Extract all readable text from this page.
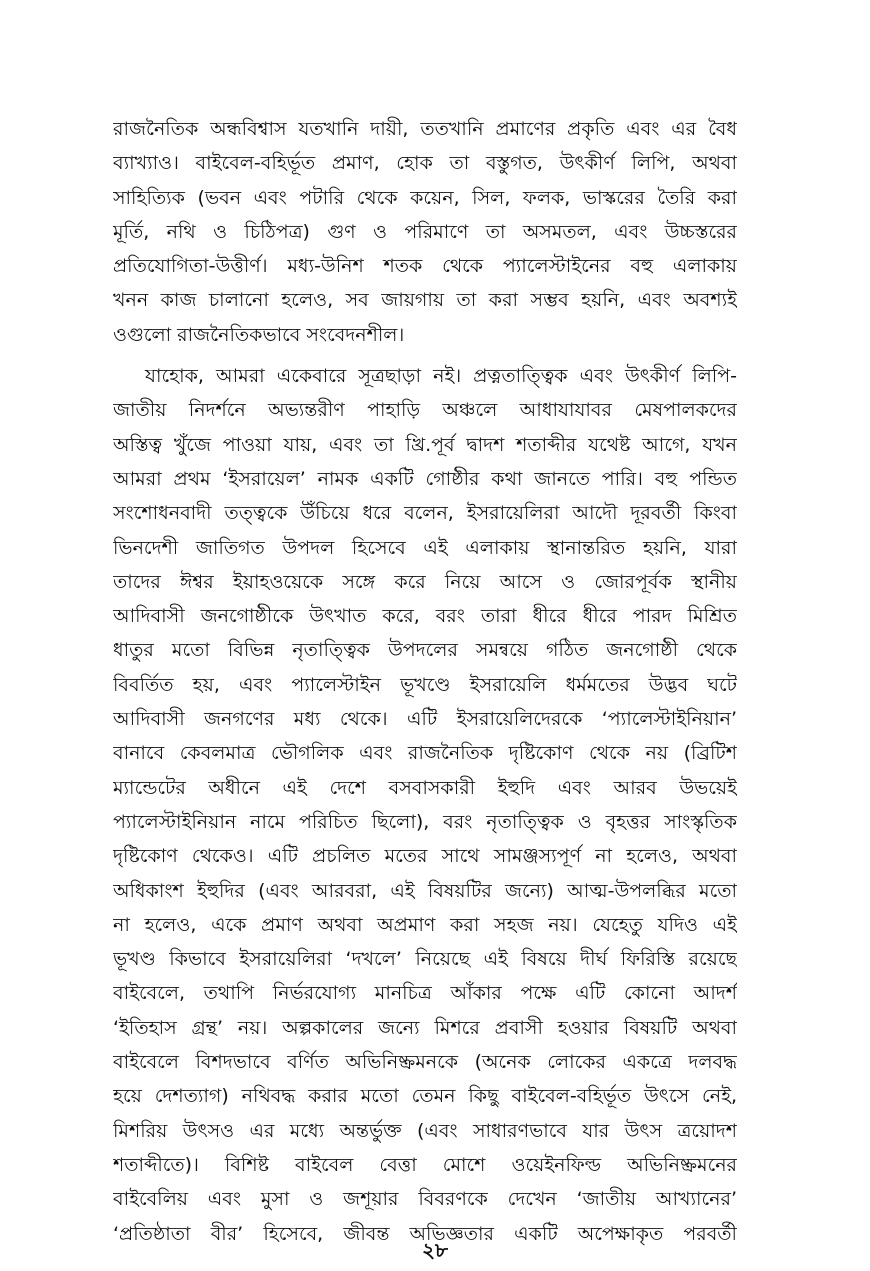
রাজনৈতিক অন্ধবিশ্বাস যতখানি দায়ী, ততখানি প্রমাণের প্রকৃতি এবং এর বৈধ
ব্যাখ্যাও। বাইবেল-বহির্ভূত প্রমাণ, হোক তা বস্তুগত, উৎকীর্ণ লিপি, অথবা
সাহিত্যিক (ভবন এবং পটারি থেকে কয়েন, সিল, ফলক, ভাস্করের তৈরি করা
মূর্তি, নথি ও চিঠিপত্র) গুণ ও পরিমাণে তা অসমতল, এবং উচ্চস্তরের
প্রতিযোগিতা-উত্তীর্ণ। মধ্য-উনিশ শতক থেকে প্যালেস্টাইনের বহু এলাকায়
খনন কাজ চালানো হলেও, সব জায়গায় তা করা সম্ভব হয়নি, এবং অবশ্যই
ওগুলো রাজনৈতিকভাবে সংবেদনশীল।
যাহোক, আমরা একেবারে সূত্রছাড়া নই। প্রত্নতাত্ত্বিক এবং উৎকীর্ণ লিপি-
জাতীয় নিদর্শনে অভ্যন্তরীণ পাহাড়ি অঞ্চলে আধাযাযাবর মেষপালকদের
অস্তিত্ব খুঁজে পাওয়া যায়, এবং তা খ্রি.পূর্ব দ্বাদশ শতাব্দীর যথেষ্ট আগে, যখন
আমরা প্রথম ‘ইসরায়েল’ নামক একটি গোষ্ঠীর কথা জানতে পারি। বহু পন্ডিত
সংশোধনবাদী তত্ত্বকে উঁচিয়ে ধরে বলেন, ইসরায়েলিরা আদৌ দূরবর্তী কিংবা
ভিনদেশী জাতিগত উপদল হিসেবে এই এলাকায় স্থানান্তরিত হয়নি, যারা
তাদের ঈশ্বর ইয়াহওয়েকে সঙ্গে করে নিয়ে আসে ও জোরপূর্বক স্থানীয়
আদিবাসী জনগোষ্ঠীকে উৎখাত করে, বরং তারা ধীরে ধীরে পারদ মিশ্রিত
ধাতুর মতো বিভিন্ন নৃতাত্ত্বিক উপদলের সমন্বয়ে গঠিত জনগোষ্ঠী থেকে
বিবর্তিত হয়, এবং প্যালেস্টাইন ভূখণ্ডে ইসরায়েলি ধর্মমতের উদ্ভব ঘটে
আদিবাসী জনগণের মধ্য থেকে। এটি ইসরায়েলিদেরকে ‘প্যালেস্টাইনিয়ান’
বানাবে কেবলমাত্র ভৌগলিক এবং রাজনৈতিক দৃষ্টিকোণ থেকে নয় (ব্রিটিশ
ম্যান্ডেটের অধীনে এই দেশে বসবাসকারী ইহুদি এবং আরব উভয়েই
প্যালেস্টাইনিয়ান নামে পরিচিত ছিলো), বরং নৃতাত্ত্বিক ও বৃহত্তর সাংস্কৃতিক
দৃষ্টিকোণ থেকেও। এটি প্রচলিত মতের সাথে সামঞ্জস্যপূর্ণ না হলেও, অথবা
অধিকাংশ ইহুদির (এবং আরবরা, এই বিষয়টির জন্যে) আত্ম-উপলব্ধির মতো
না হলেও, একে প্রমাণ অথবা অপ্রমাণ করা সহজ নয়। যেহেতু যদিও এই
ভূখণ্ড কিভাবে ইসরায়েলিরা ‘দখলে’ নিয়েছে এই বিষয়ে দীর্ঘ ফিরিস্তি রয়েছে
বাইবেলে, তথাপি নির্ভরযোগ্য মানচিত্র আঁকার পক্ষে এটি কোনো আদর্শ
‘ইতিহাস গ্রন্থ’ নয়। অল্পকালের জন্যে মিশরে প্রবাসী হওয়ার বিষয়টি অথবা
বাইবেলে বিশদভাবে বর্ণিত অভিনিষ্ক্রমনকে (অনেক লোকের একত্রে দলবদ্ধ
হয়ে দেশত্যাগ) নথিবদ্ধ করার মতো তেমন কিছু বাইবেল-বহির্ভূত উৎসে নেই,
মিশরিয় উৎসও এর মধ্যে অন্তর্ভুক্ত (এবং সাধারণভাবে যার উৎস ত্রয়োদশ
শতাব্দীতে)। বিশিষ্ট বাইবেল বেত্তা মোশে ওয়েইনফিল্ড অভিনিষ্ক্রমনের
বাইবেলিয় এবং মুসা ও জশূয়ার বিবরণকে দেখেন ‘জাতীয় আখ্যানের’
‘প্রতিষ্ঠাতা বীর’ হিসেবে, জীবন্ত অভিজ্ঞতার একটি অপেক্ষাকৃত পরবর্তী
২৮
